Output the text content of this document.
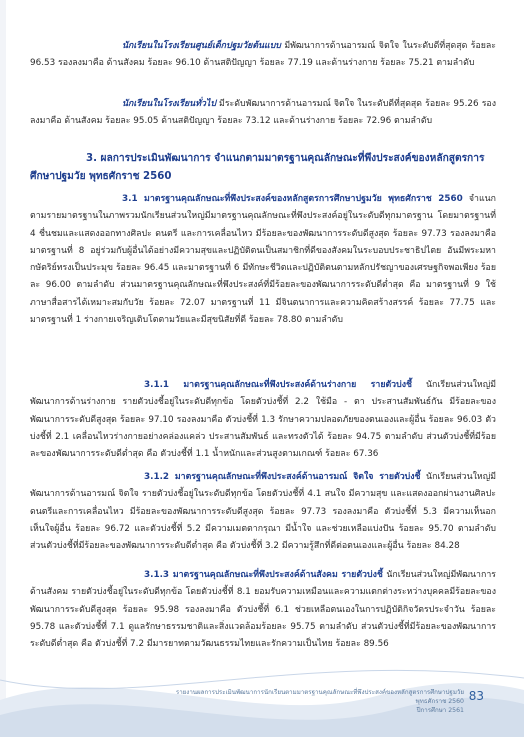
นักเรียนในโรงเรียนศูนย์เด็กปฐมวัยต้นแบบ มีพัฒนาการด้านอารมณ์ จิตใจ ในระดับดีที่สุดสุด ร้อยละ 96.53 รองลงมาคือ ด้านสังคม ร้อยละ 96.10 ด้านสติปัญญา ร้อยละ 77.19 และด้านร่างกาย ร้อยละ 75.21 ตามลำดับ

นักเรียนในโรงเรียนทั่วไป มีระดับพัฒนาการด้านอารมณ์ จิตใจ ในระดับดีที่สุดสุด ร้อยละ 95.26 รองลงมาคือ ด้านสังคม ร้อยละ 95.05 ด้านสติปัญญา ร้อยละ 73.12 และด้านร่างกาย ร้อยละ 72.96 ตามลำดับ

3. ผลการประเมินพัฒนาการ จำแนกตามมาตรฐานคุณลักษณะที่พึงประสงค์ของหลักสูตรการศึกษาปฐมวัย พุทธศักราช 2560

3.1 มาตรฐานคุณลักษณะที่พึงประสงค์ของหลักสูตรการศึกษาปฐมวัย พุทธศักราช 2560 จำแนกตามรายมาตรฐานในภาพรวมนักเรียนส่วนใหญ่มีมาตรฐานคุณลักษณะที่พึงประสงค์อยู่ในระดับดีทุกมาตรฐาน โดยมาตรฐานที่ 4 ชื่นชมและแสดงออกทางศิลปะ ดนตรี และการเคลื่อนไหว มีร้อยละของพัฒนาการระดับดีสูงสุด ร้อยละ 97.73 รองลงมาคือ มาตรฐานที่ 8 อยู่ร่วมกับผู้อื่นได้อย่างมีความสุขและปฏิบัติตนเป็นสมาชิกที่ดีของสังคมในระบอบประชาธิปไตย อันมีพระมหากษัตริย์ทรงเป็นประมุข ร้อยละ 96.45 และมาตรฐานที่ 6 มีทักษะชีวิตและปฏิบัติตนตามหลักปรัชญาของเศรษฐกิจพอเพียง ร้อยละ 96.00 ตามลำดับ ส่วนมาตรฐานคุณลักษณะที่พึงประสงค์ที่มีร้อยละของพัฒนาการระดับดีต่ำสุด คือ มาตรฐานที่ 9 ใช้ภาษาสื่อสารได้เหมาะสมกับวัย ร้อยละ 72.07 มาตรฐานที่ 11 มีจินตนาการและความคิดสร้างสรรค์ ร้อยละ 77.75 และ มาตรฐานที่ 1 ร่างกายเจริญเติบโตตามวัยและมีสุขนิสัยที่ดี ร้อยละ 78.80 ตามลำดับ

3.1.1 มาตรฐานคุณลักษณะที่พึงประสงค์ด้านร่างกาย รายตัวบ่งชี้ นักเรียนส่วนใหญ่มีพัฒนาการด้านร่างกาย รายตัวบ่งชี้อยู่ในระดับดีทุกข้อ โดยตัวบ่งชี้ที่ 2.2 ใช้มือ - ตา ประสานสัมพันธ์กัน มีร้อยละของพัฒนาการระดับดีสูงสุด ร้อยละ 97.10 รองลงมาคือ ตัวบ่งชี้ที่ 1.3 รักษาความปลอดภัยของตนเองและผู้อื่น ร้อยละ 96.03 ตัวบ่งชี้ที่ 2.1 เคลื่อนไหวร่างกายอย่างคล่องแคล่ว ประสานสัมพันธ์ และทรงตัวได้ ร้อยละ 94.75 ตามลำดับ ส่วนตัวบ่งชี้ที่มีร้อยละของพัฒนาการระดับดีต่ำสุด คือ ตัวบ่งชี้ที่ 1.1 น้ำหนักและส่วนสูงตามเกณฑ์ ร้อยละ 67.36

3.1.2 มาตรฐานคุณลักษณะที่พึงประสงค์ด้านอารมณ์ จิตใจ รายตัวบ่งชี้ นักเรียนส่วนใหญ่มีพัฒนาการด้านอารมณ์ จิตใจ รายตัวบ่งชี้อยู่ในระดับดีทุกข้อ โดยตัวบ่งชี้ที่ 4.1 สนใจ มีความสุข และแสดงออกผ่านงานศิลปะ ดนตรีและการเคลื่อนไหว มีร้อยละของพัฒนาการระดับดีสูงสุด ร้อยละ 97.73 รองลงมาคือ ตัวบ่งชี้ที่ 5.3 มีความเห็นอกเห็นใจผู้อื่น ร้อยละ 96.72 และตัวบ่งชี้ที่ 5.2 มีความเมตตากรุณา มีน้ำใจ และช่วยเหลือแบ่งปัน ร้อยละ 95.70 ตามลำดับ ส่วนตัวบ่งชี้ที่มีร้อยละของพัฒนาการระดับดีต่ำสุด คือ ตัวบ่งชี้ที่ 3.2 มีความรู้สึกที่ดีต่อตนเองและผู้อื่น ร้อยละ 84.28

3.1.3 มาตรฐานคุณลักษณะที่พึงประสงค์ด้านสังคม รายตัวบ่งชี้ นักเรียนส่วนใหญ่มีพัฒนาการด้านสังคม รายตัวบ่งชี้อยู่ในระดับดีทุกข้อ โดยตัวบ่งชี้ที่ 8.1 ยอมรับความเหมือนและความแตกต่างระหว่างบุคคลมีร้อยละของพัฒนาการระดับดีสูงสุด ร้อยละ 95.98 รองลงมาคือ ตัวบ่งชี้ที่ 6.1 ช่วยเหลือตนเองในการปฏิบัติกิจวัตรประจำวัน ร้อยละ 95.78 และตัวบ่งชี้ที่ 7.1 ดูแลรักษาธรรมชาติและสิ่งแวดล้อมร้อยละ 95.75 ตามลำดับ ส่วนตัวบ่งชี้ที่มีร้อยละของพัฒนาการระดับดีต่ำสุด คือ ตัวบ่งชี้ที่ 7.2 มีมารยาทตามวัฒนธรรมไทยและรักความเป็นไทย ร้อยละ 89.56

รายงานผลการประเมินพัฒนาการนักเรียนตามมาตรฐานคุณลักษณะที่พึงประสงค์ของหลักสูตรการศึกษาปฐมวัย พุทธศักราช 2560
ปีการศึกษา 2561

83
